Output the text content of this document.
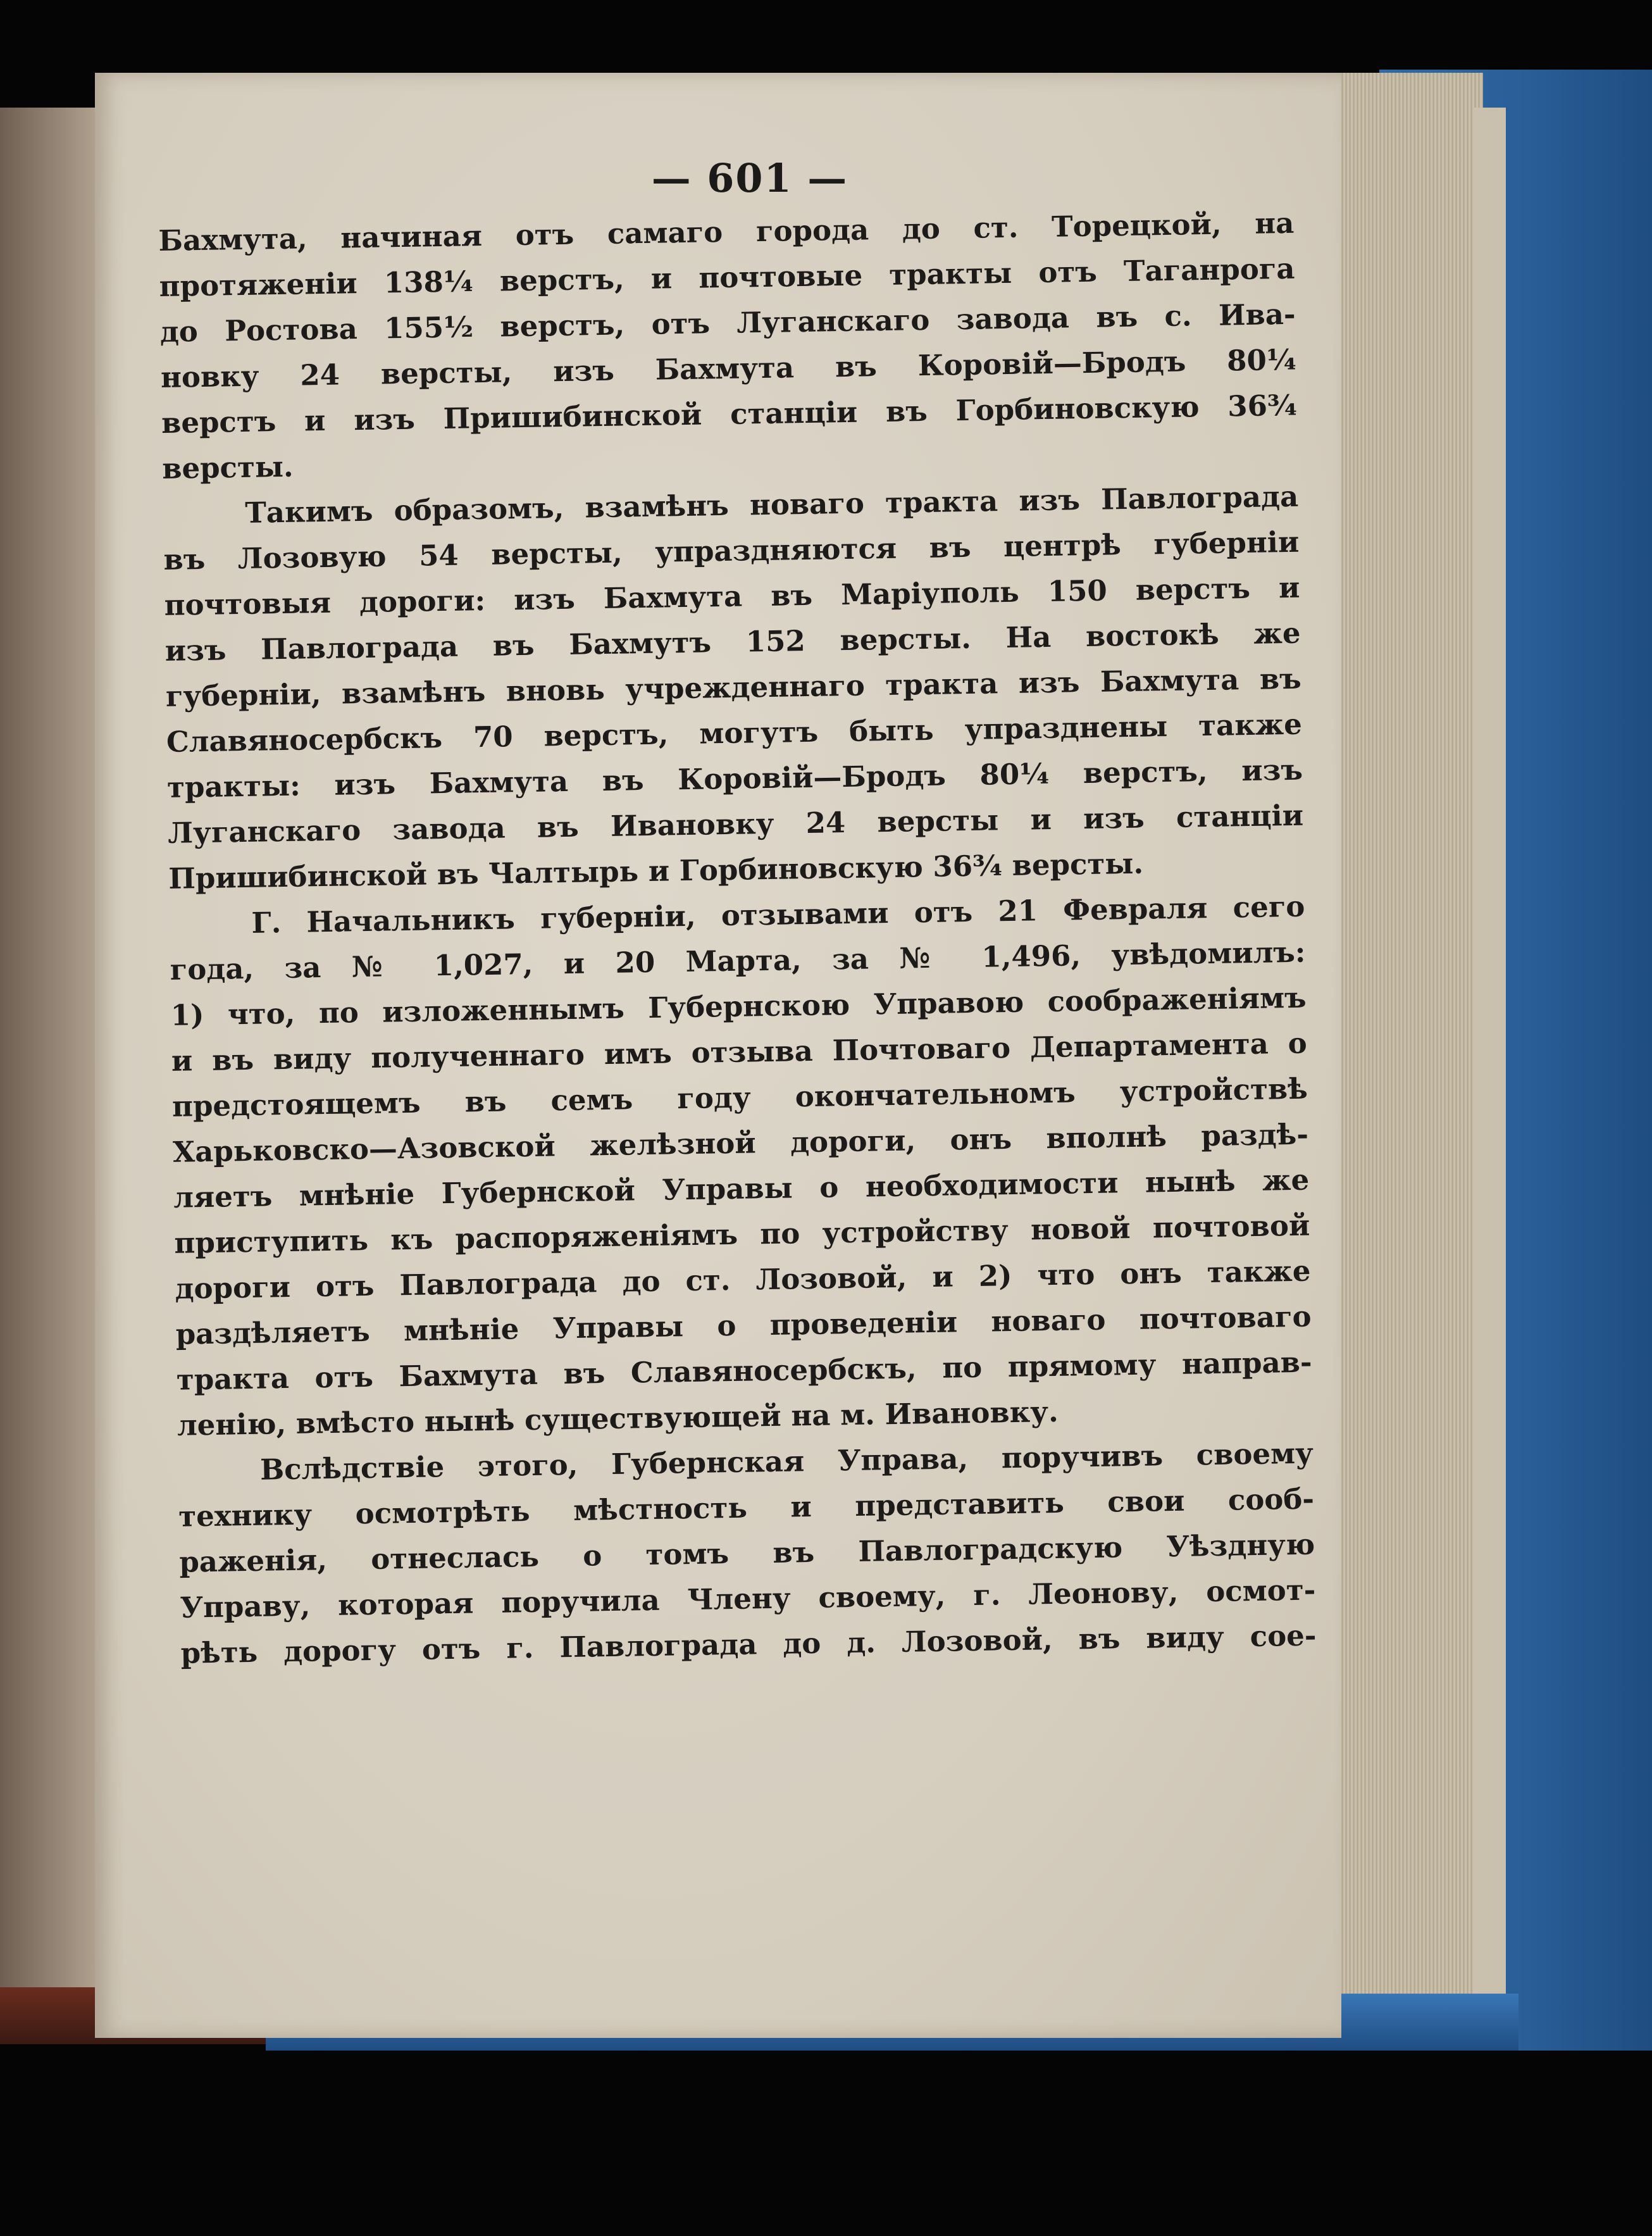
— 601 —
Бахмута, начиная отъ самаго города до ст. Торецкой, на
протяженіи 138¼ верстъ, и почтовые тракты отъ Таганрога
до Ростова 155½ верстъ, отъ Луганскаго завода въ с. Ива-
новку 24 версты, изъ Бахмута въ Коровій—Бродъ 80¼
верстъ и изъ Пришибинской станціи въ Горбиновскую 36¾
версты.
Такимъ образомъ, взамѣнъ новаго тракта изъ Павлограда
въ Лозовую 54 версты, упраздняются въ центрѣ губерніи
почтовыя дороги: изъ Бахмута въ Маріуполь 150 верстъ и
изъ Павлограда въ Бахмутъ 152 версты. На востокѣ же
губерніи, взамѣнъ вновь учрежденнаго тракта изъ Бахмута въ
Славяносербскъ 70 верстъ, могутъ быть упразднены также
тракты: изъ Бахмута въ Коровій—Бродъ 80¼ верстъ, изъ
Луганскаго завода въ Ивановку 24 версты и изъ станціи
Пришибинской въ Чалтырь и Горбиновскую 36¾ версты.
Г. Начальникъ губерніи, отзывами отъ 21 Февраля сего
года, за № 1,027, и 20 Марта, за № 1,496, увѣдомилъ:
1) что, по изложеннымъ Губернскою Управою соображеніямъ
и въ виду полученнаго имъ отзыва Почтоваго Департамента о
предстоящемъ въ семъ году окончательномъ устройствѣ
Харьковско—Азовской желѣзной дороги, онъ вполнѣ раздѣ-
ляетъ мнѣніе Губернской Управы о необходимости нынѣ же
приступить къ распоряженіямъ по устройству новой почтовой
дороги отъ Павлограда до ст. Лозовой, и 2) что онъ также
раздѣляетъ мнѣніе Управы о проведеніи новаго почтоваго
тракта отъ Бахмута въ Славяносербскъ, по прямому направ-
ленію, вмѣсто нынѣ существующей на м. Ивановку.
Вслѣдствіе этого, Губернская Управа, поручивъ своему
технику осмотрѣть мѣстность и представить свои сооб-
раженія, отнеслась о томъ въ Павлоградскую Уѣздную
Управу, которая поручила Члену своему, г. Леонову, осмот-
рѣть дорогу отъ г. Павлограда до д. Лозовой, въ виду сое-
